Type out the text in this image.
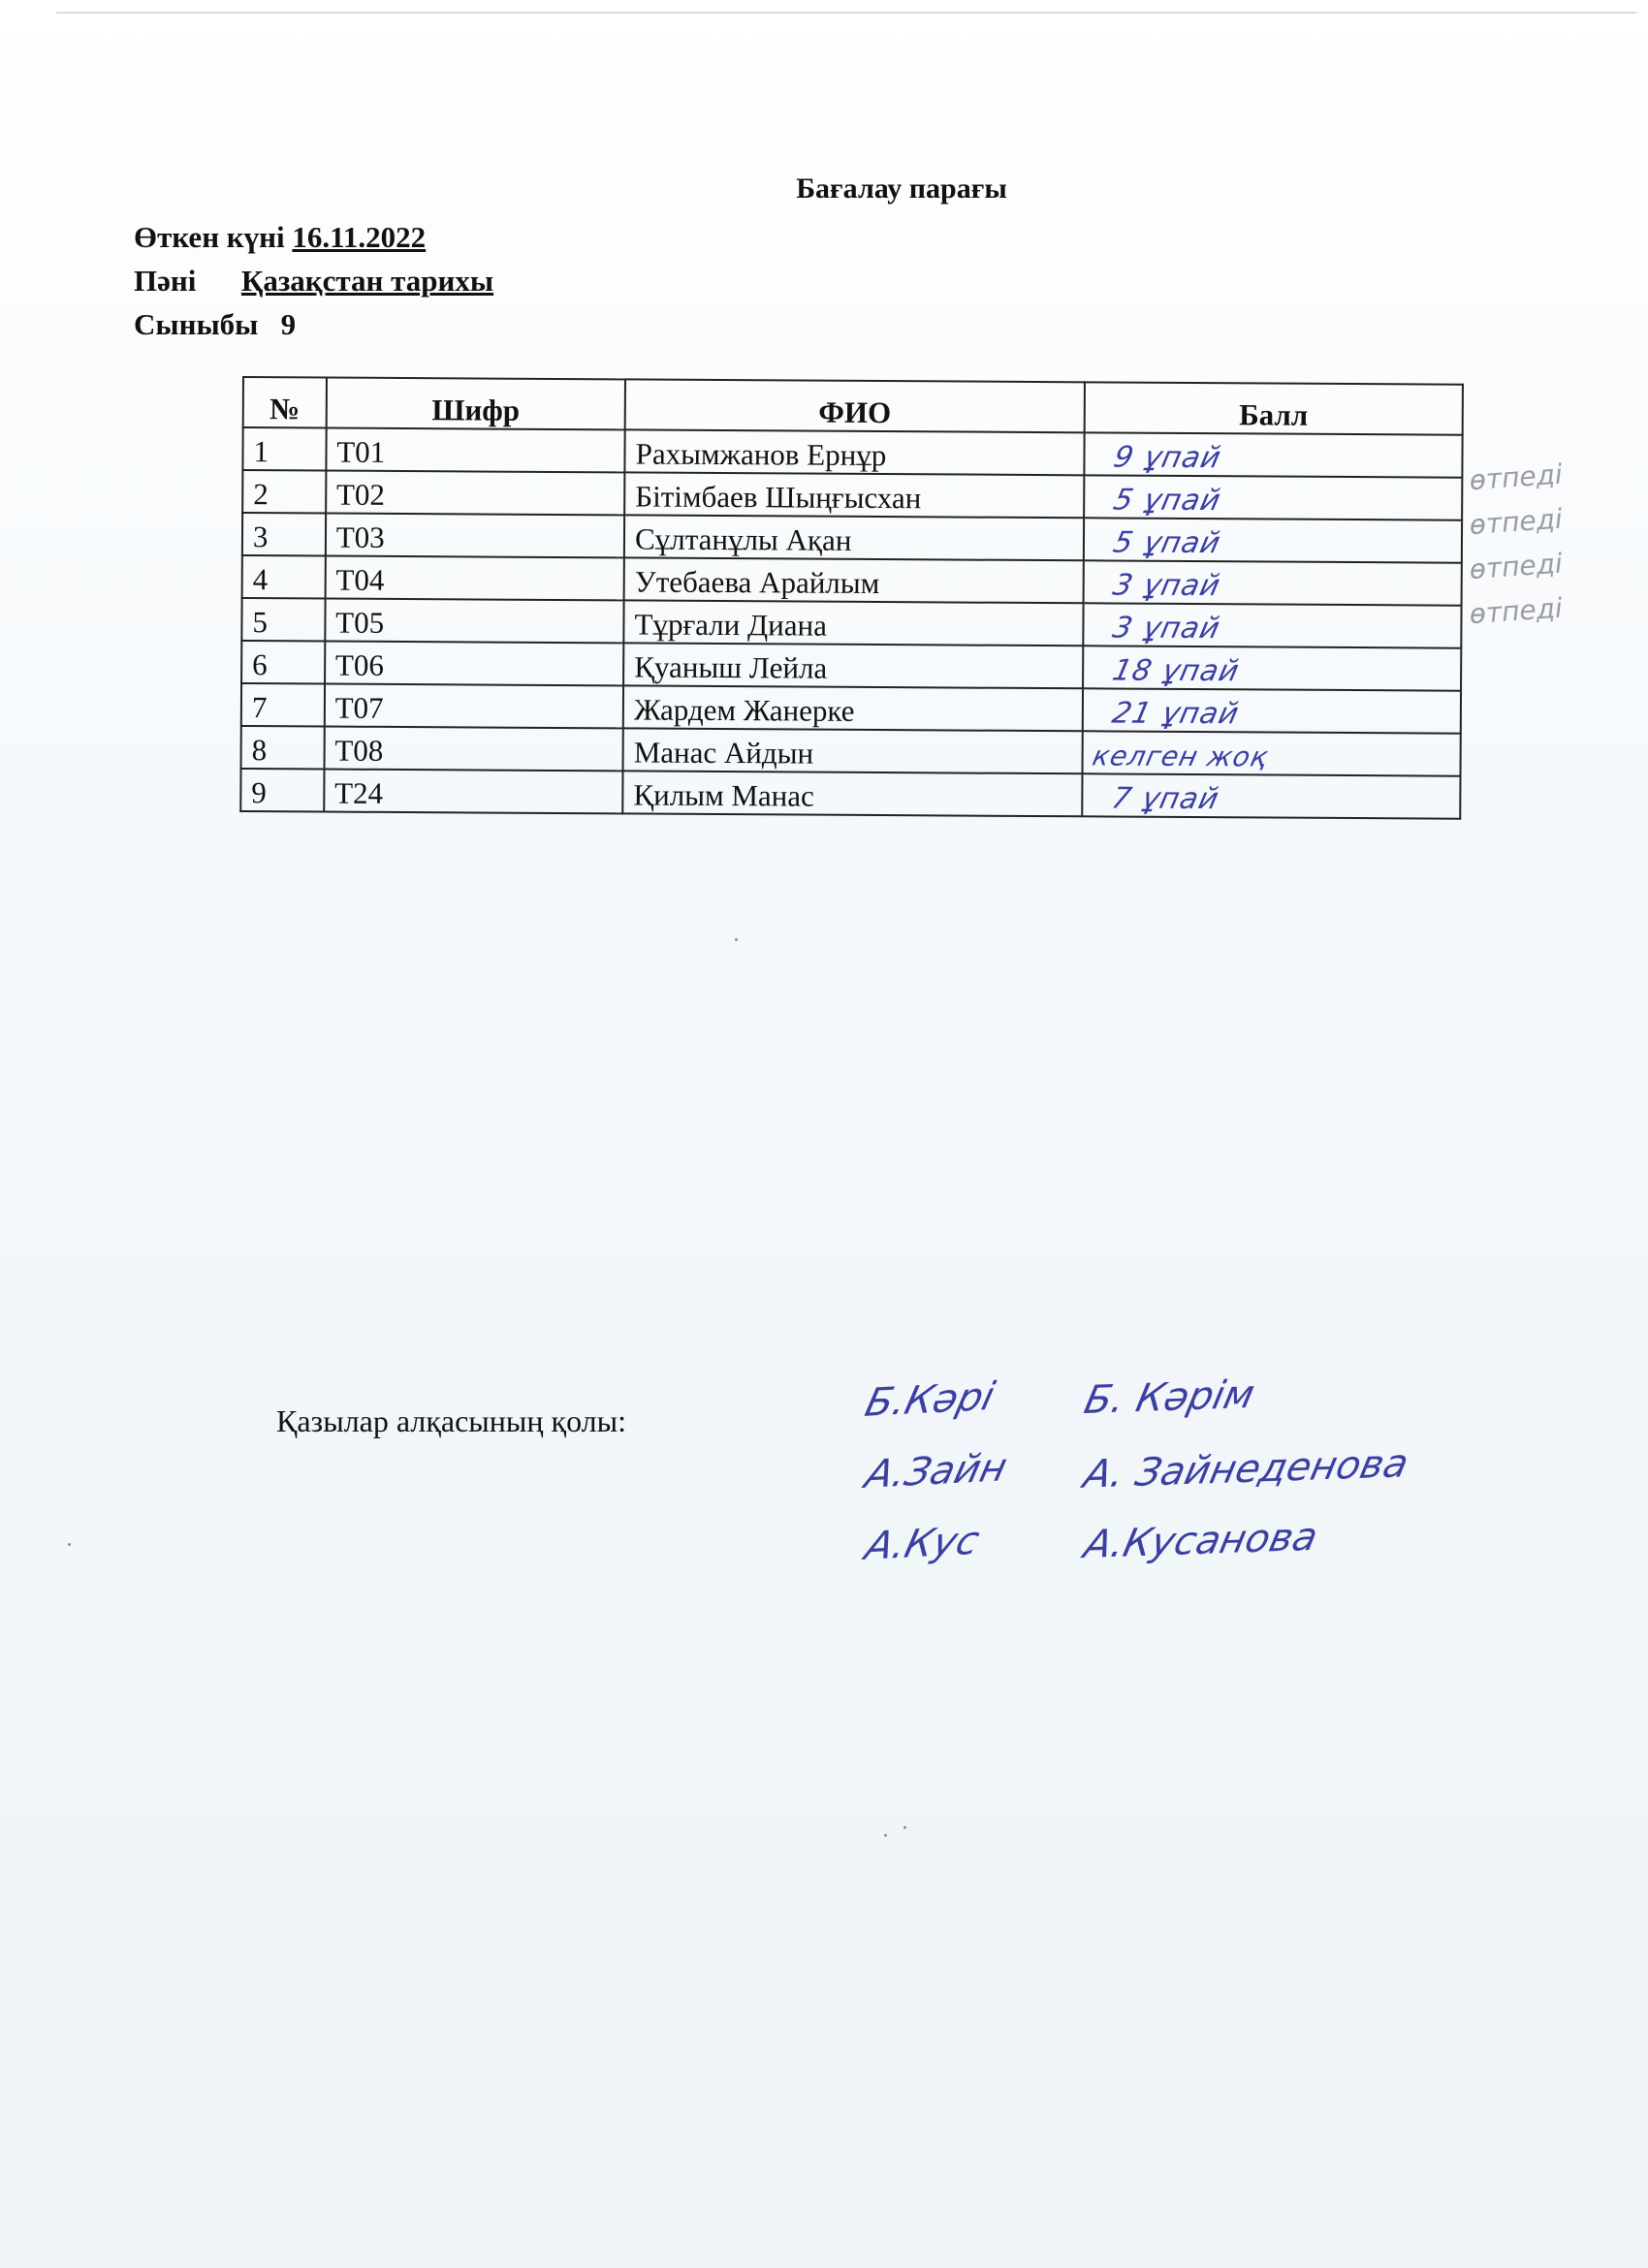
Бағалау парағы
Өткен күні 16.11.2022
Пәні Қазақстан тарихы
Сыныбы 9
№	Шифр	ФИО	Балл
1	T01	Рахымжанов Ернұр	9 ұпай
2	T02	Бітімбаев Шыңғысхан	5 ұпай
3	T03	Сұлтанұлы Ақан	5 ұпай
4	T04	Утебаева Арайлым	3 ұпай
5	T05	Тұрғали Диана	3 ұпай
6	T06	Қуаныш Лейла	18 ұпай
7	T07	Жардем Жанерке	21 ұпай
8	T08	Манас Айдын	келген жоқ
9	T24	Қилым Манас	7 ұпай
өтпеді
өтпеді
өтпеді
өтпеді
Қазылар алқасының қолы:	Б.Кәрі	Б. Кәрім
А.Зайн	А. Зайнеденова
А.Кус	А.Кусанова
